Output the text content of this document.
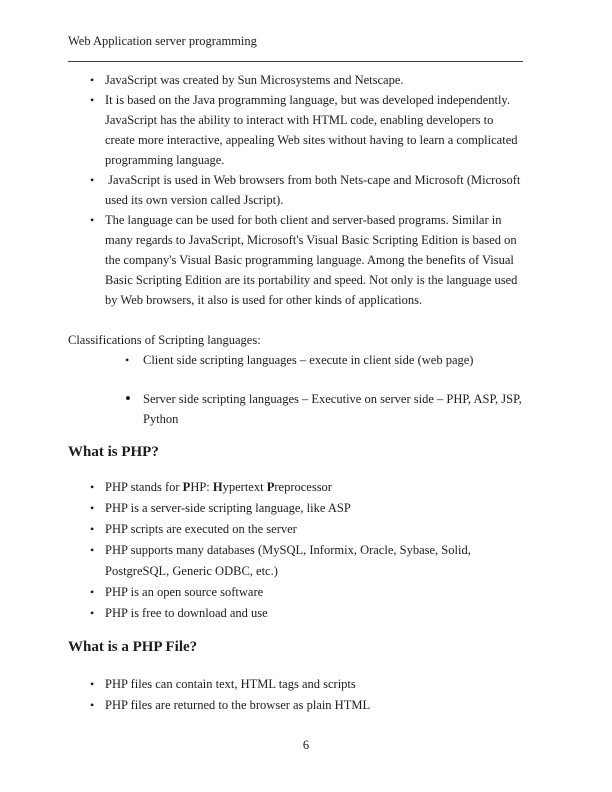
Web Application server programming
• JavaScript was created by Sun Microsystems and Netscape.
• It is based on the Java programming language, but was developed independently. JavaScript has the ability to interact with HTML code, enabling developers to create more interactive, appealing Web sites without having to learn a complicated programming language.
• JavaScript is used in Web browsers from both Nets-cape and Microsoft (Microsoft used its own version called Jscript).
• The language can be used for both client and server-based programs. Similar in many regards to JavaScript, Microsoft's Visual Basic Scripting Edition is based on the company's Visual Basic programming language. Among the benefits of Visual Basic Scripting Edition are its portability and speed. Not only is the language used by Web browsers, it also is used for other kinds of applications.
Classifications of Scripting languages:
• Client side scripting languages – execute in client side (web page)
• Server side scripting languages – Executive on server side – PHP, ASP, JSP, Python
What is PHP?
• PHP stands for PHP: Hypertext Preprocessor
• PHP is a server-side scripting language, like ASP
• PHP scripts are executed on the server
• PHP supports many databases (MySQL, Informix, Oracle, Sybase, Solid, PostgreSQL, Generic ODBC, etc.)
• PHP is an open source software
• PHP is free to download and use
What is a PHP File?
• PHP files can contain text, HTML tags and scripts
• PHP files are returned to the browser as plain HTML
6
